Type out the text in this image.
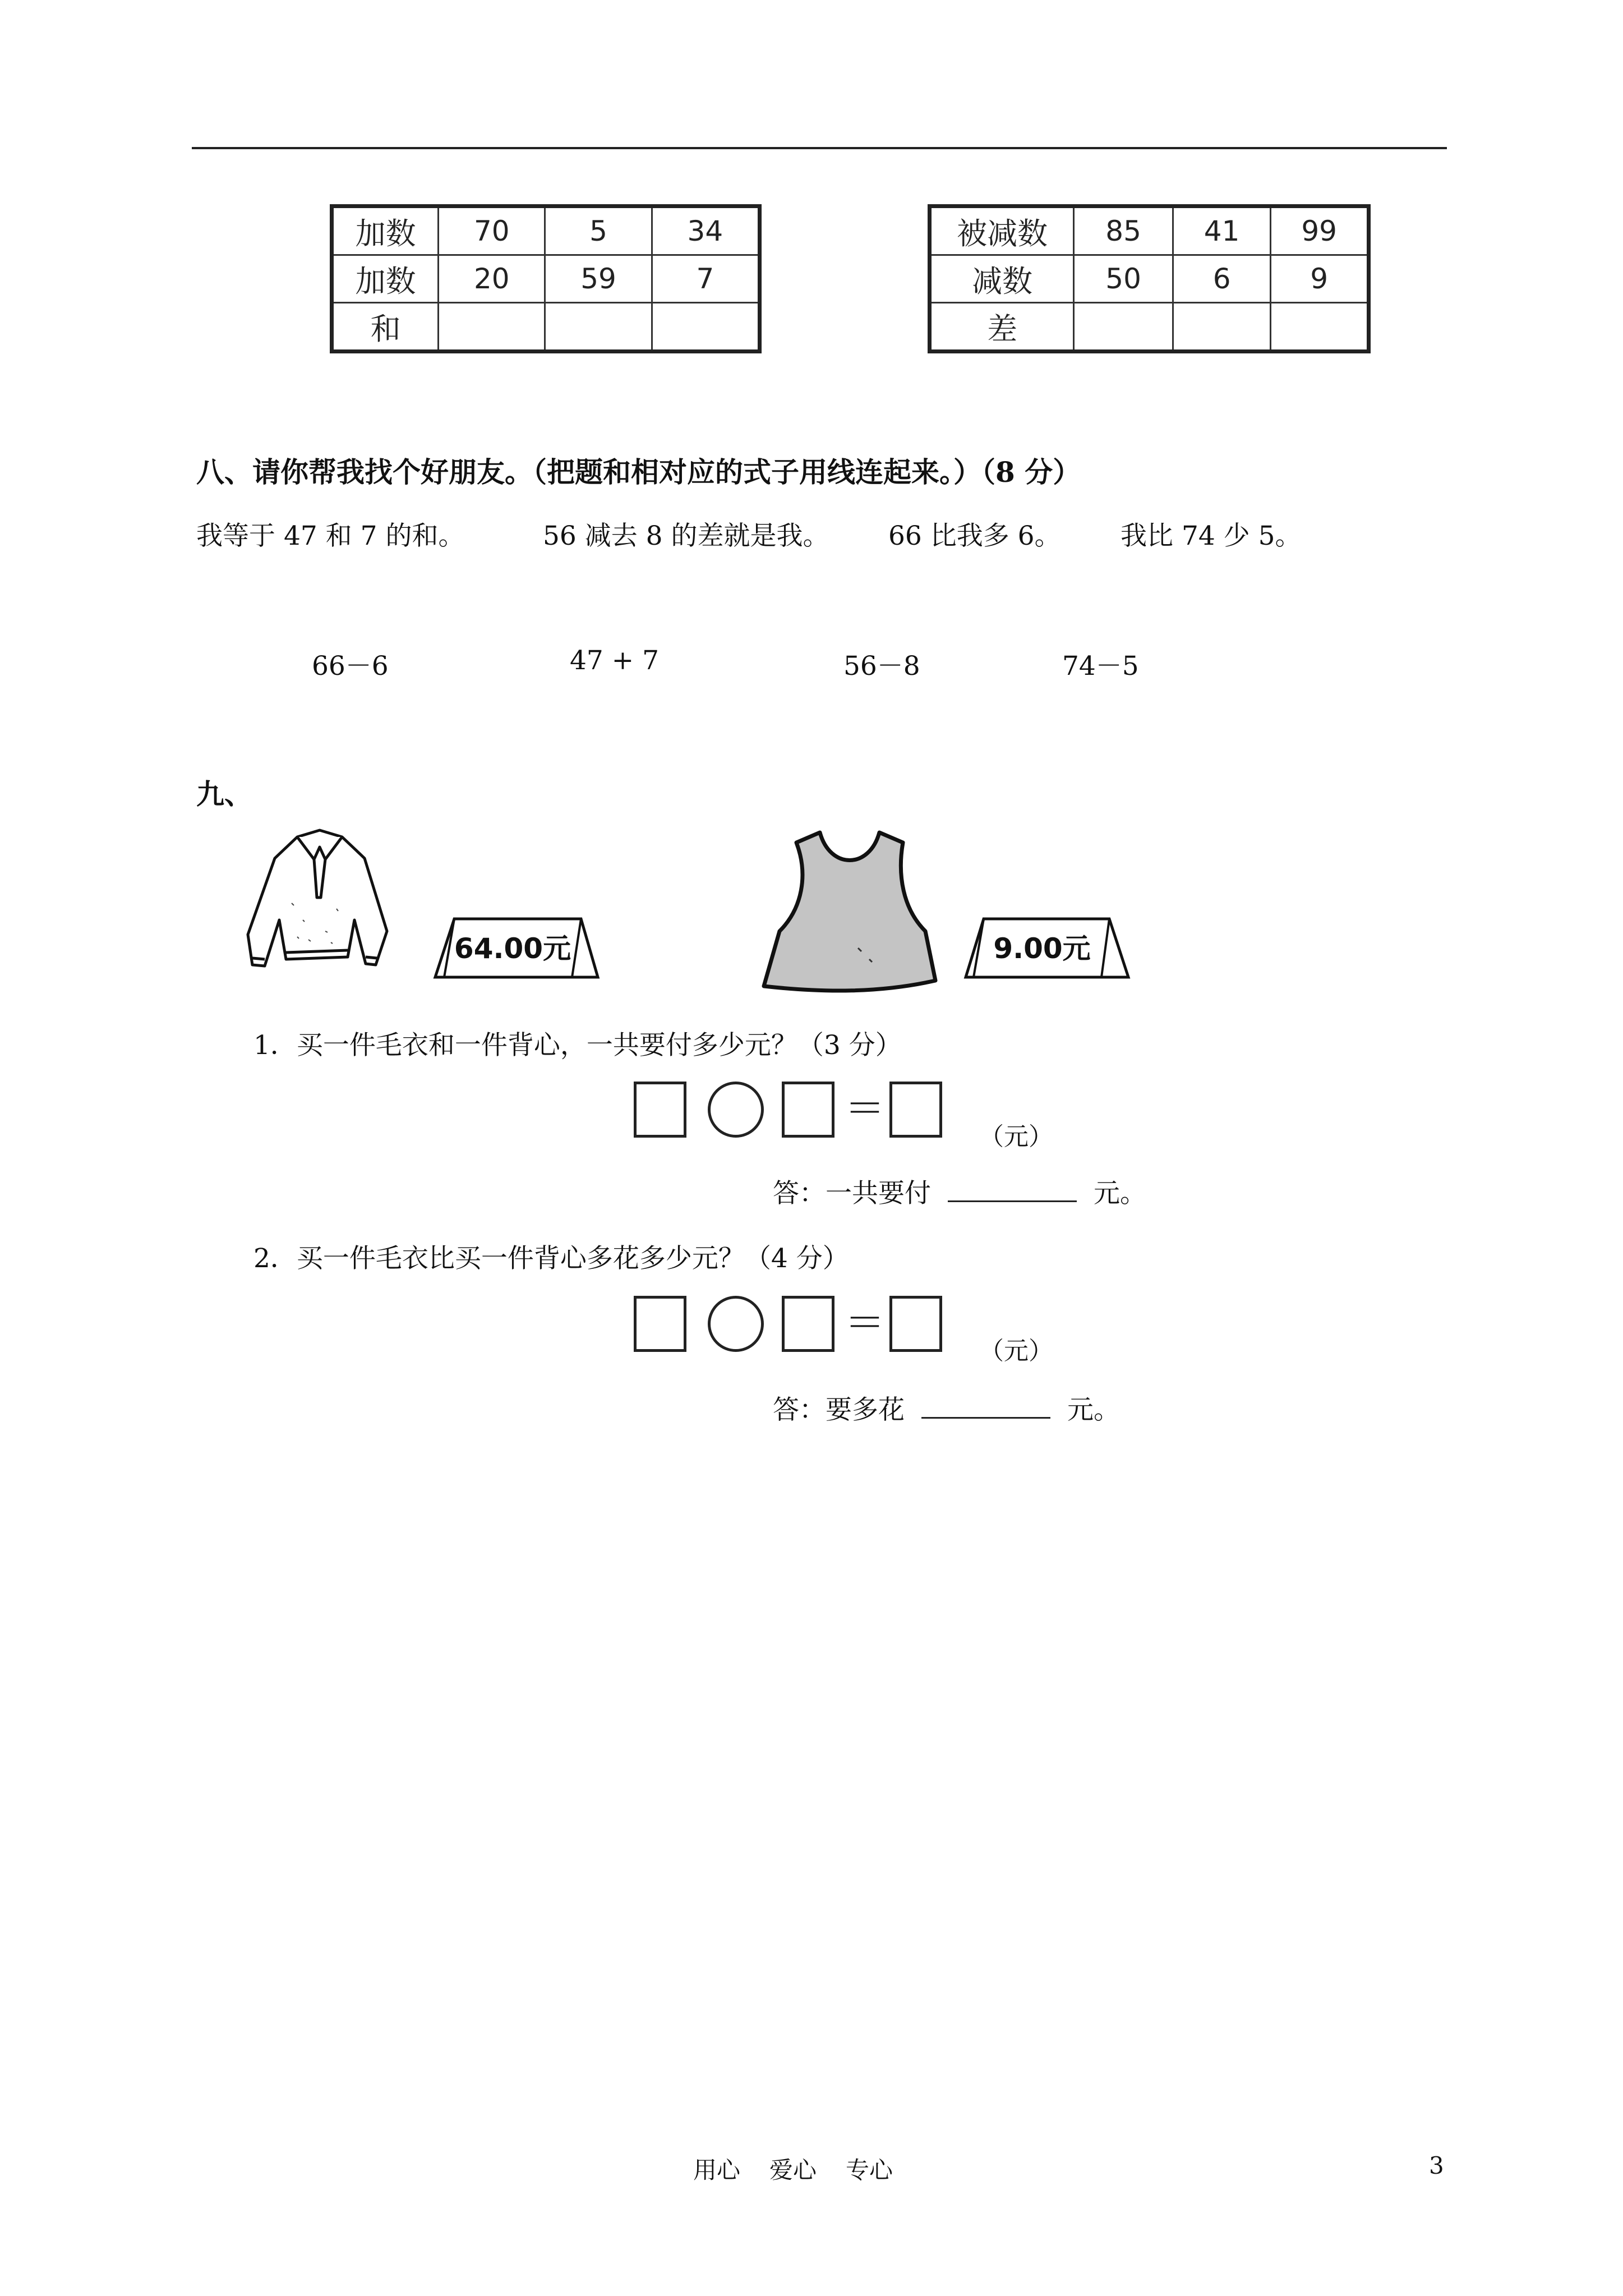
加数	70	5	34
加数	20	59	7
和			
被减数	85	41	99
减数	50	6	9
差			
八、请你帮我找个好朋友。（把题和相对应的式子用线连起来。）（8 分）
我等于 47 和 7 的和。	56 减去 8 的差就是我。 66 比我多 6。 我比 74 少 5。
66－6	47 + 7	56－8	74－5
九、
64.00元	9.00元
1．买一件毛衣和一件背心，一共要付多少元？（3 分）
＝
（元）
答：一共要付	元。
2．买一件毛衣比买一件背心多花多少元？（4 分）
＝
（元）
答：要多花	元。
用心 爱心 专心	3
